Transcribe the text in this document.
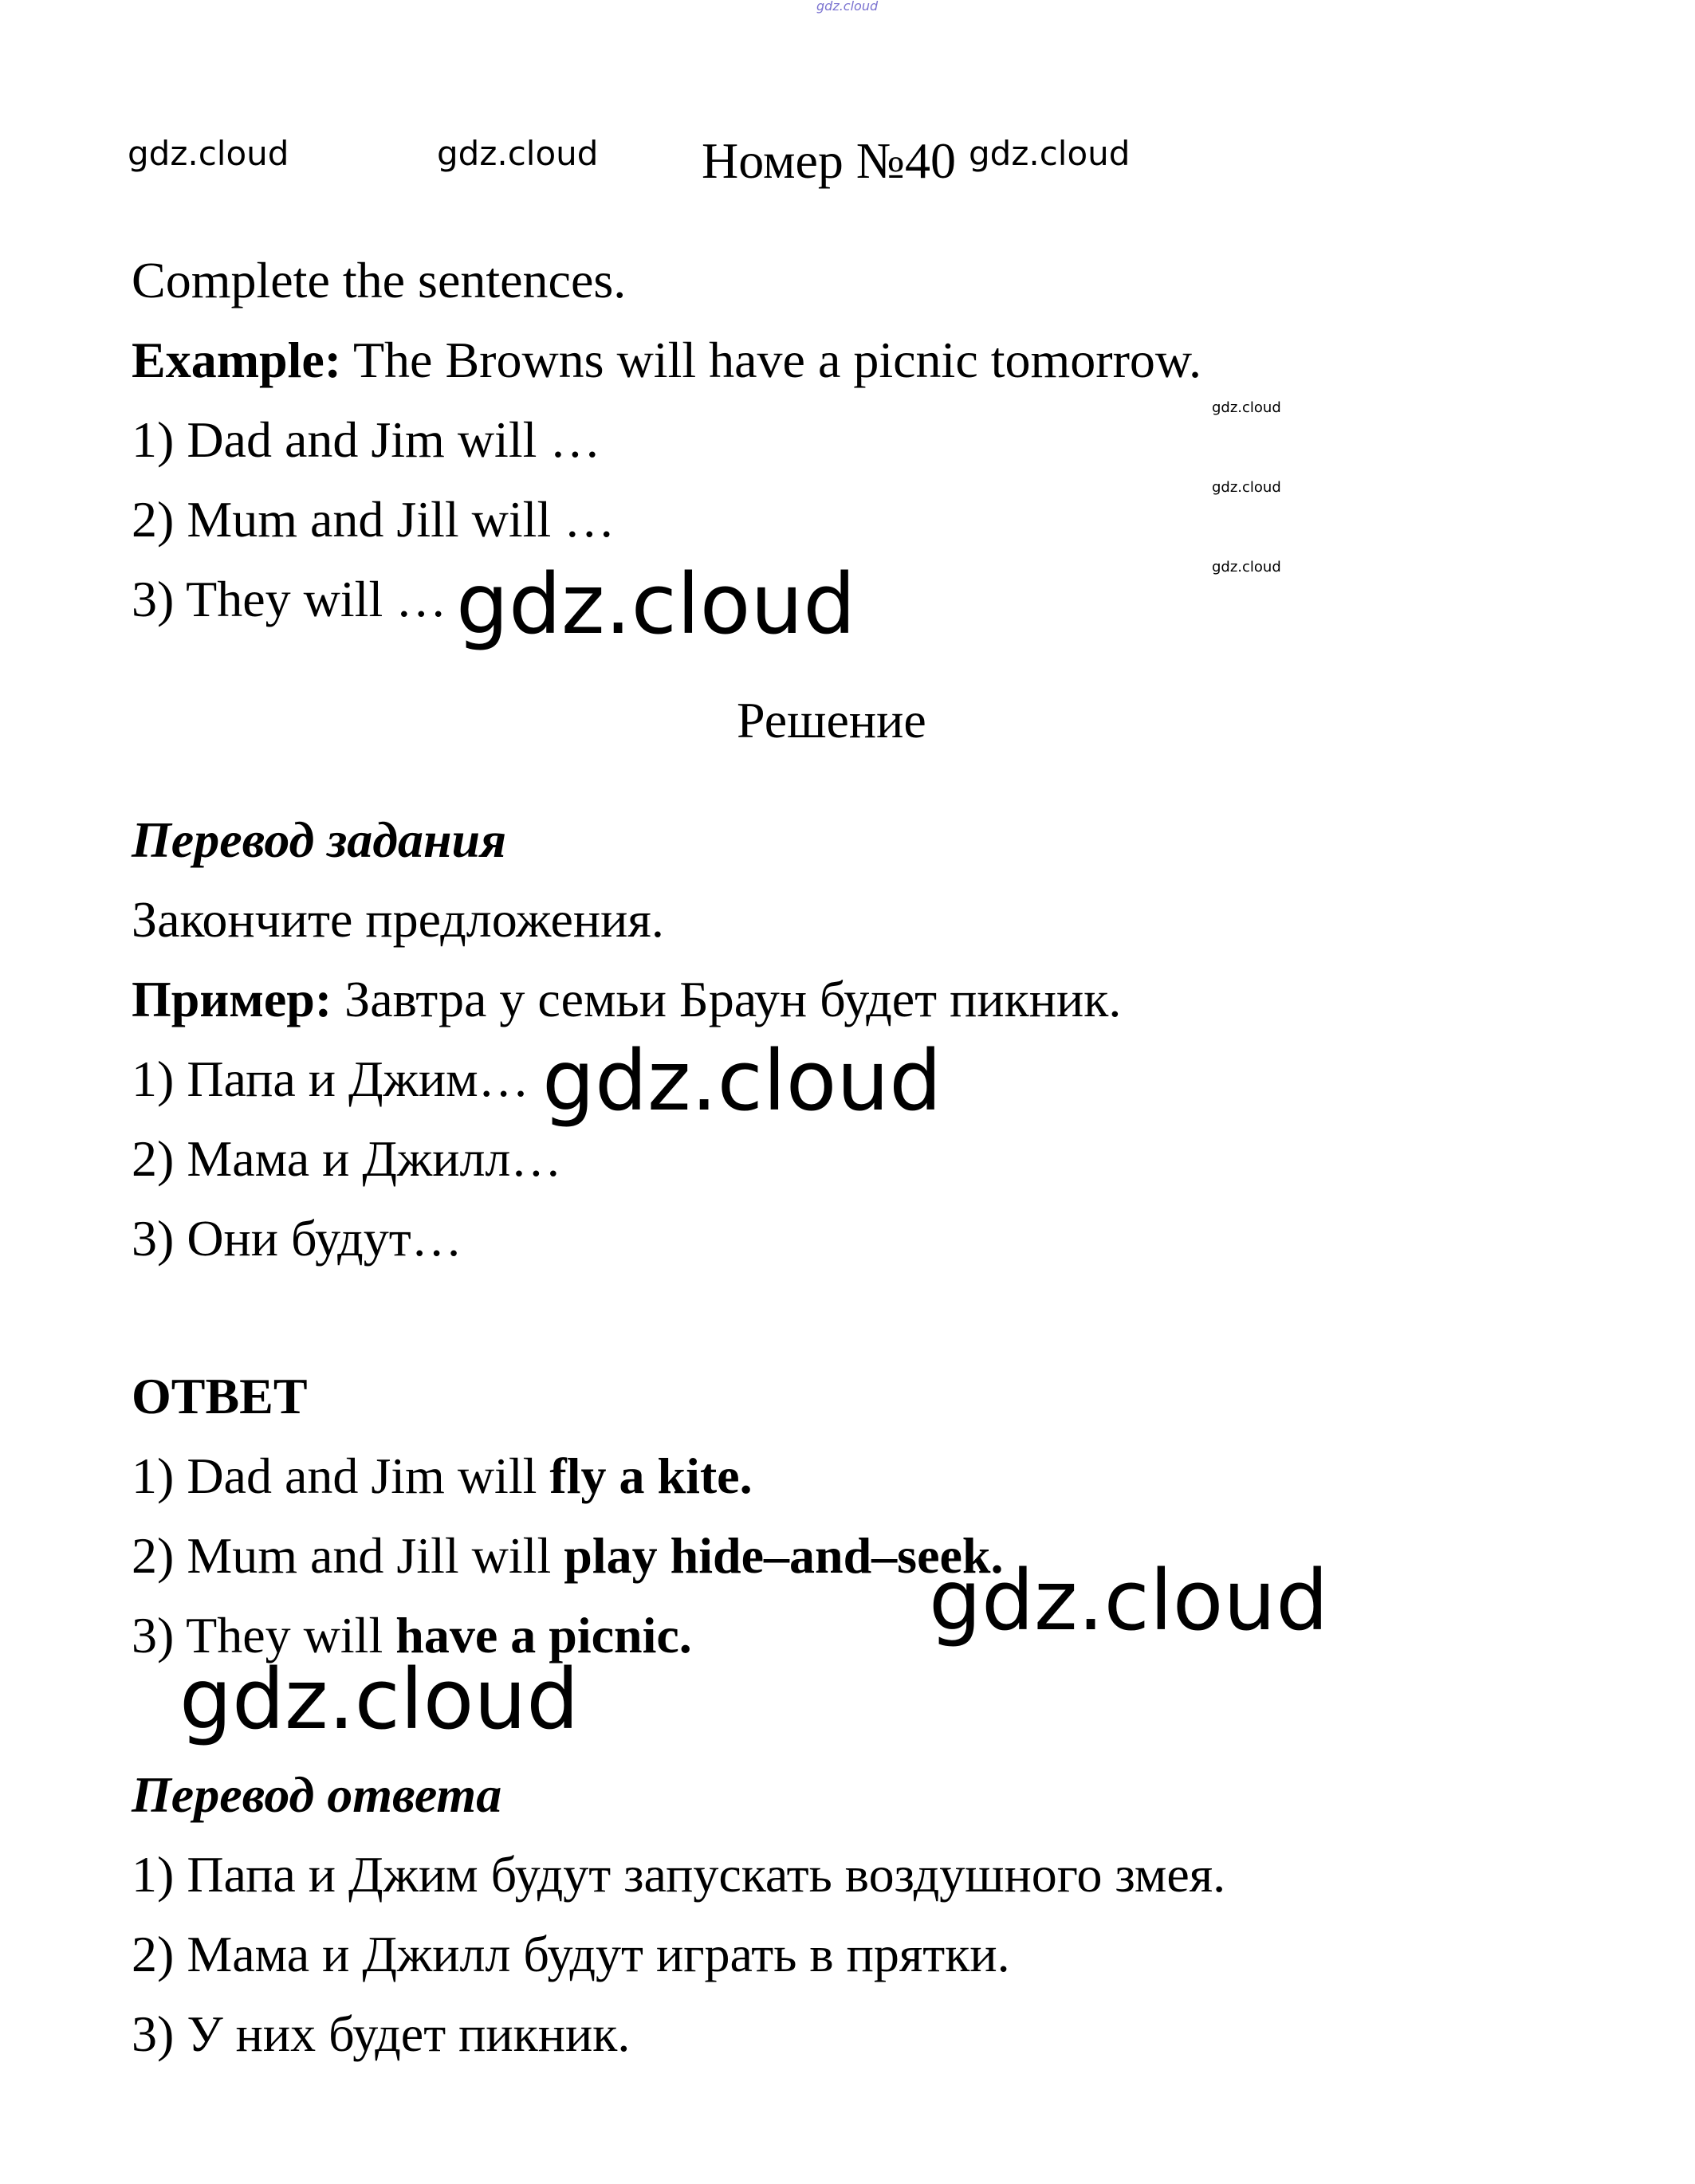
gdz.cloud
gdz.cloud	gdz.cloud	gdz.cloud
gdz.cloud
gdz.cloud
gdz.cloud
Номер №40

Complete the sentences.

Example: The Browns will have a picnic tomorrow.

1) Dad and Jim will …

2) Mum and Jill will …

3) They will … gdz.cloud
Решение

Перевод задания

Закончите предложения.

Пример: Завтра у семьи Браун будет пикник.

1) Папа и Джим… gdz.cloud

2) Мама и Джилл…

3) Они будут…

ОТВЕТ

1) Dad and Jim will fly a kite.

2) Mum and Jill will play hide–and–seek.

gdz.cloud

3) They will have a picnic.

gdz.cloud

Перевод ответа

1) Папа и Джим будут запускать воздушного змея.

2) Мама и Джилл будут играть в прятки.

3) У них будет пикник.
